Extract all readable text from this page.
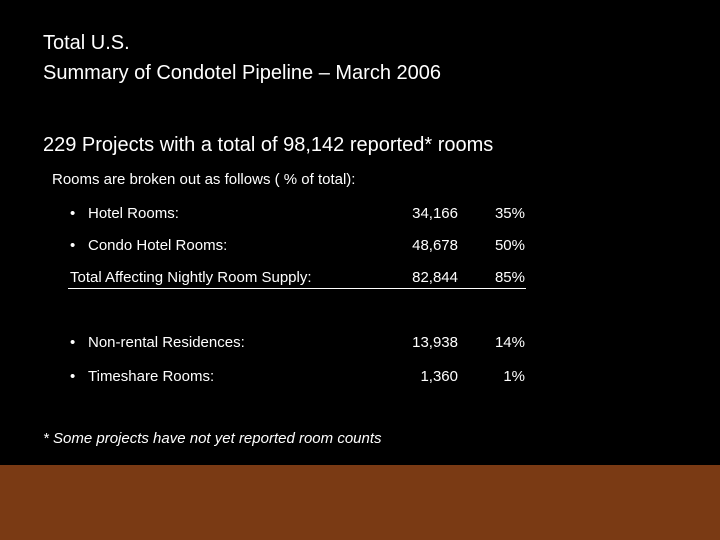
Total U.S.
Summary of Condotel Pipeline – March 2006
229 Projects with a total of 98,142 reported* rooms
Rooms are broken out as follows ( % of total):
• Hotel Rooms:	34,166 35%
• Condo Hotel Rooms:	48,678 50%
Total Affecting Nightly Room Supply:	82,844 85%
• Non-rental Residences:	13,938 14%
• Timeshare Rooms:	1,360	1%
* Some projects have not yet reported room counts
